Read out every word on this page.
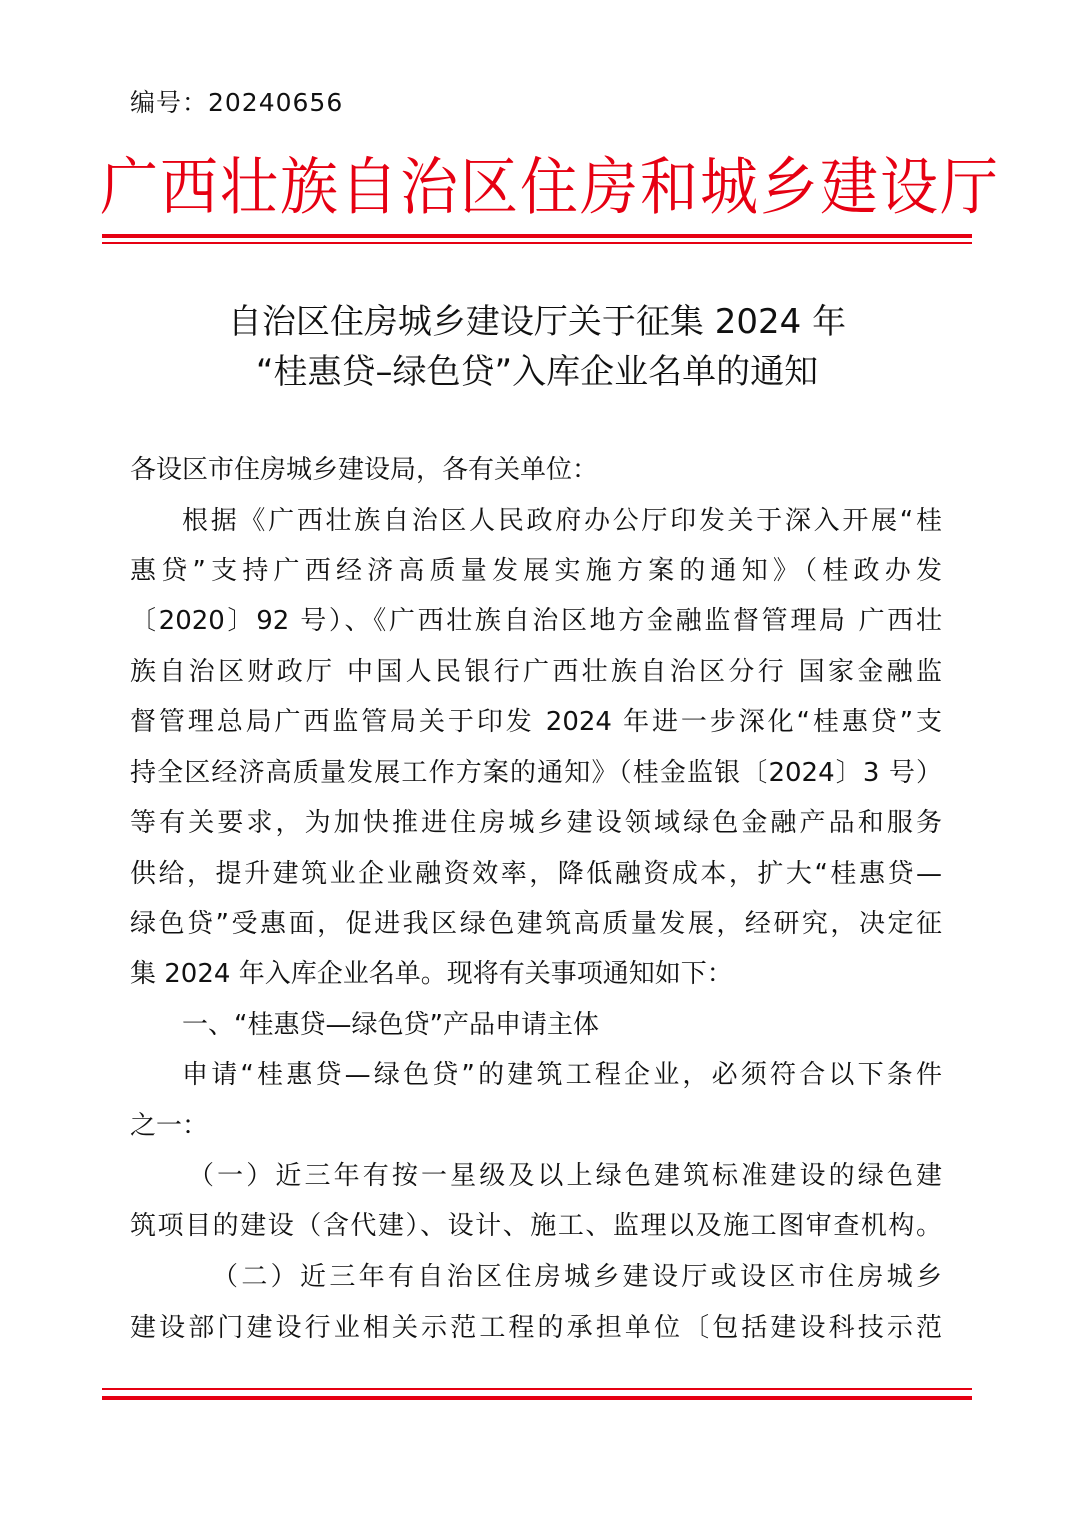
编号：20240656
广西壮族自治区住房和城乡建设厅
自治区住房城乡建设厅关于征集 2024 年
“桂惠贷–绿色贷”入库企业名单的通知
各设区市住房城乡建设局，各有关单位：
根据《广西壮族自治区人民政府办公厅印发关于深入开展“桂
惠贷”支持广西经济高质量发展实施方案的通知》（桂政办发
〔2020〕92 号）、《广西壮族自治区地方金融监督管理局 广西壮
族自治区财政厅 中国人民银行广西壮族自治区分行 国家金融监
督管理总局广西监管局关于印发 2024 年进一步深化“桂惠贷”支
持全区经济高质量发展工作方案的通知》（桂金监银〔2024〕3 号）
等有关要求，为加快推进住房城乡建设领域绿色金融产品和服务
供给，提升建筑业企业融资效率，降低融资成本，扩大“桂惠贷—
绿色贷”受惠面，促进我区绿色建筑高质量发展，经研究，决定征
集 2024 年入库企业名单。现将有关事项通知如下：
一、“桂惠贷—绿色贷”产品申请主体
申请“桂惠贷—绿色贷”的建筑工程企业，必须符合以下条件
之一：
（一）近三年有按一星级及以上绿色建筑标准建设的绿色建
筑项目的建设（含代建）、设计、施工、监理以及施工图审查机构。
（二）近三年有自治区住房城乡建设厅或设区市住房城乡
建设部门建设行业相关示范工程的承担单位〔包括建设科技示范
